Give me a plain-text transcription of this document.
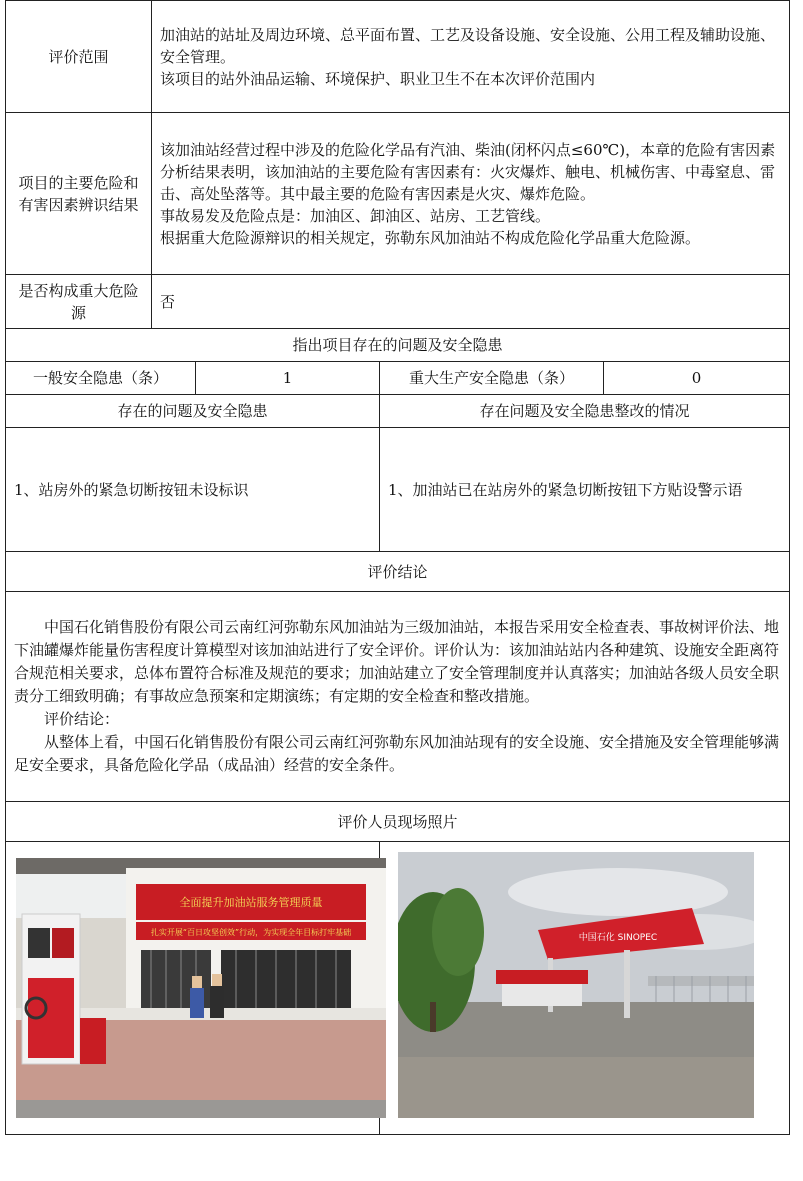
评价范围	加油站的站址及周边环境、总平面布置、工艺及设备设施、安全设施、公用工程及辅助设施、安全管理。

该项目的站外油品运输、环境保护、职业卫生不在本次评价范围内			

项目的主要危险和有害因素辨识结果	该加油站经营过程中涉及的危险化学品有汽油、柴油(闭杯闪点≤60℃)，本章的危险有害因素分析结果表明，该加油站的主要危险有害因素有：火灾爆炸、触电、机械伤害、中毒窒息、雷击、高处坠落等。其中最主要的危险有害因素是火灾、爆炸危险。

事故易发及危险点是：加油区、卸油区、站房、工艺管线。

根据重大危险源辩识的相关规定，弥勒东风加油站不构成危险化学品重大危险源。			

是否构成重大危险源	否			
指出项目存在的问题及安全隐患				
一般安全隐患（条）		1	重大生产安全隐患（条）	0
存在的问题及安全隐患			存在问题及安全隐患整改的情况	
1、站房外的紧急切断按钮未设标识			1、加油站已在站房外的紧急切断按钮下方贴设警示语	
评价结论				

中国石化销售股份有限公司云南红河弥勒东风加油站为三级加油站，本报告采用安全检查表、事故树评价法、地下油罐爆炸能量伤害程度计算模型对该加油站进行了安全评价。评价认为：该加油站站内各种建筑、设施安全距离符合规范相关要求，总体布置符合标准及规范的要求；加油站建立了安全管理制度并认真落实；加油站各级人员安全职责分工细致明确；有事故应急预案和定期演练；有定期的安全检查和整改措施。

评价结论：

从整体上看，中国石化销售股份有限公司云南红河弥勒东风加油站现有的安全设施、安全措施及安全管理能够满足安全要求，具备危险化学品（成品油）经营的安全条件。				

评价人员现场照片				

全面提升加油站服务管理质量
扎实开展“百日攻坚创效”行动，为实现全年目标打牢基础			中国石化 SINOPEC	
